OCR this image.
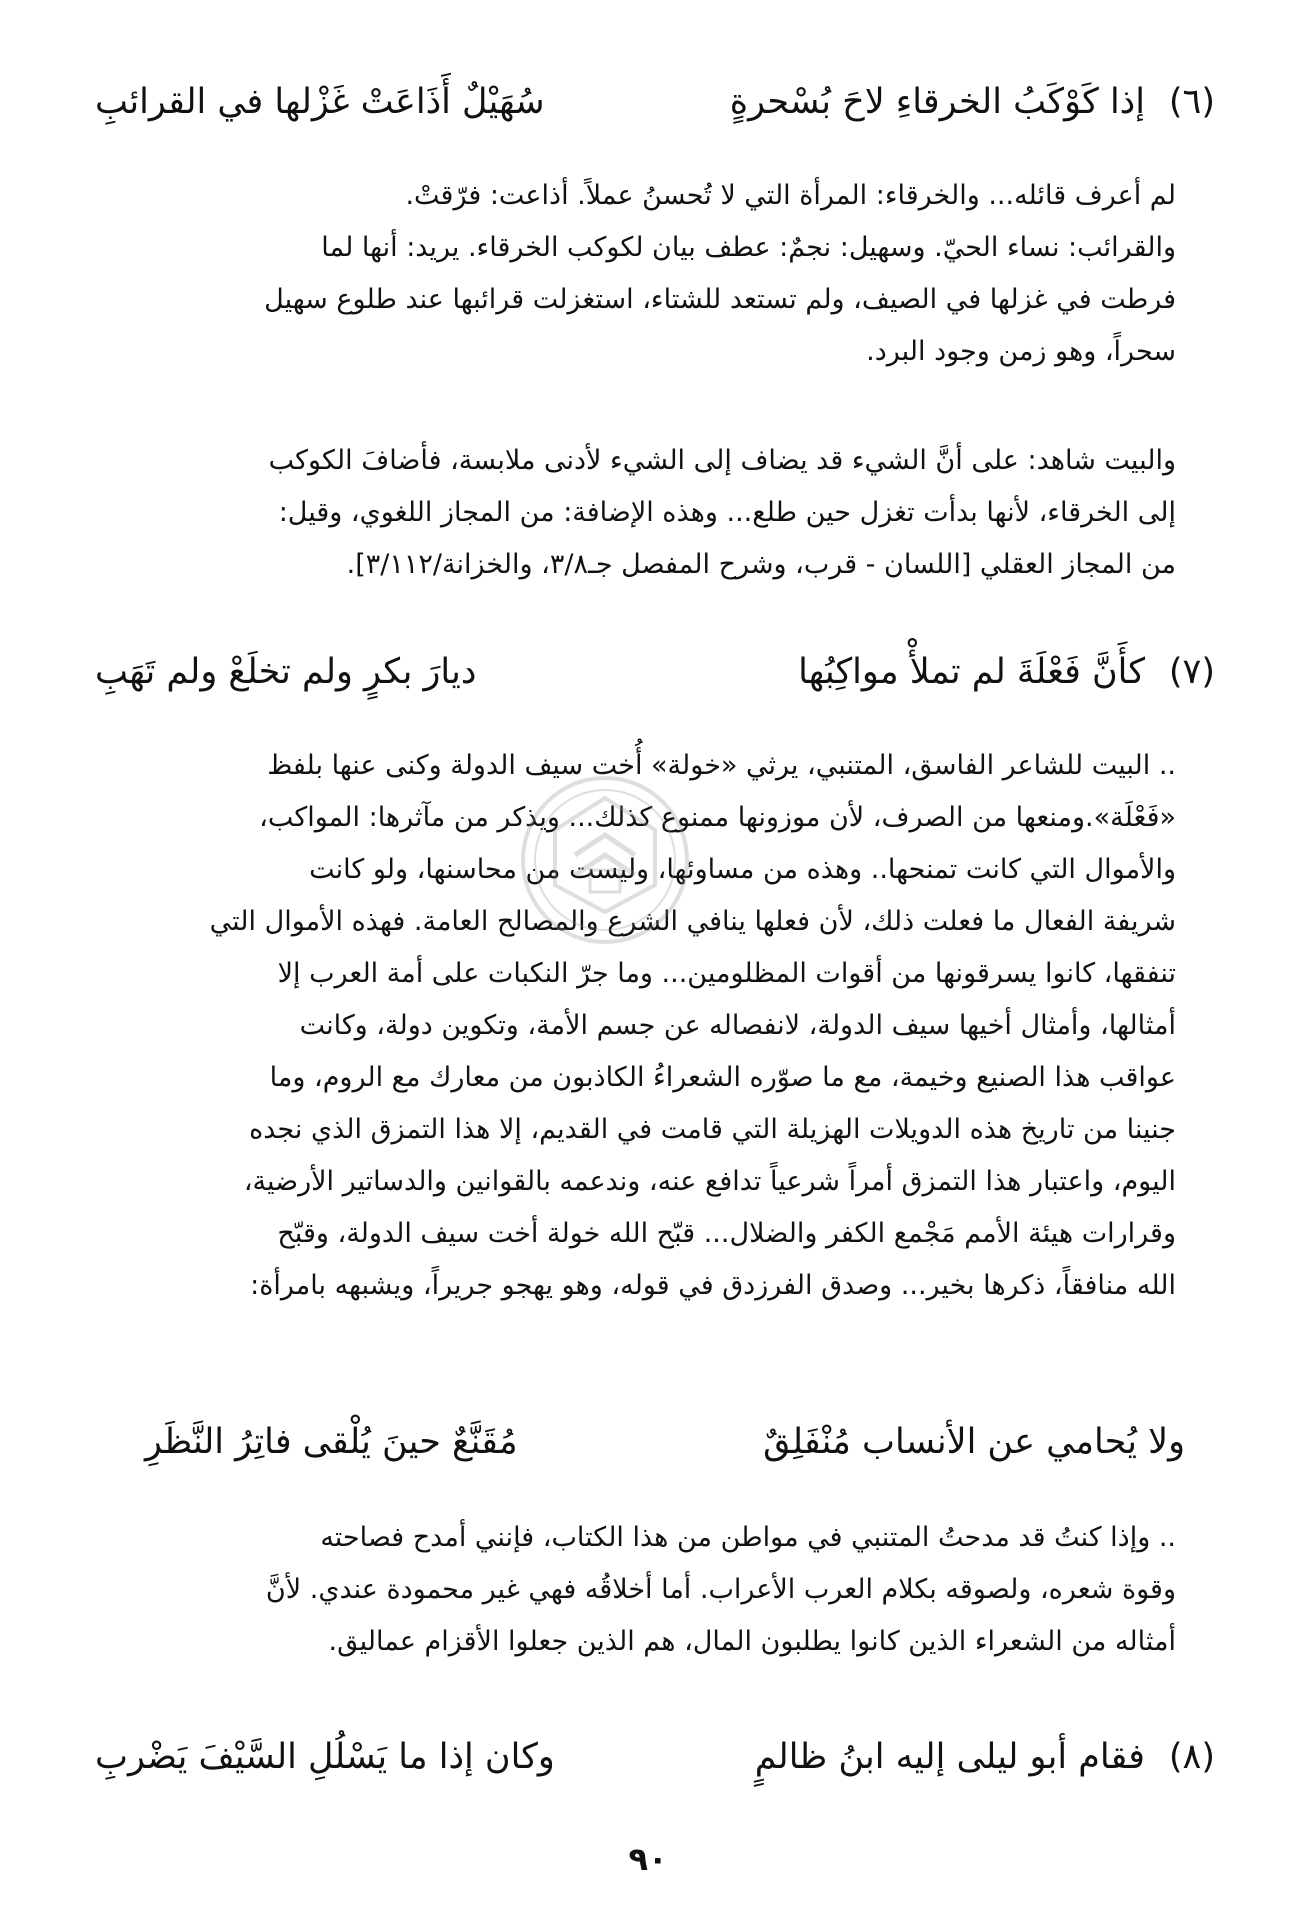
(٦)
إذا كَوْكَبُ الخرقاءِ لاحَ بُسْحرةٍ
سُهَيْلٌ أَذَاعَتْ غَزْلها في القرائبِ

لم أعرف قائله... والخرقاء: المرأة التي لا تُحسنُ عملاً. أذاعت: فرّقتْ.
والقرائب: نساء الحيّ. وسهيل: نجمٌ: عطف بيان لكوكب الخرقاء. يريد: أنها لما
فرطت في غزلها في الصيف، ولم تستعد للشتاء، استغزلت قرائبها عند طلوع سهيل
سحراً، وهو زمن وجود البرد.

والبيت شاهد: على أنَّ الشيء قد يضاف إلى الشيء لأدنى ملابسة، فأضافَ الكوكب
إلى الخرقاء، لأنها بدأت تغزل حين طلع... وهذه الإضافة: من المجاز اللغوي، وقيل:
من المجاز العقلي [اللسان - قرب، وشرح المفصل جـ٣/٨، والخزانة/٣/١١٢].

(٧)
كأَنَّ فَعْلَةَ لم تملأْ مواكِبُها
ديارَ بكرٍ ولم تخلَعْ ولم تَهَبِ

.. البيت للشاعر الفاسق، المتنبي، يرثي «خولة» أُخت سيف الدولة وكنى عنها بلفظ
«فَعْلَة».ومنعها من الصرف، لأن موزونها ممنوع كذلك... ويذكر من مآثرها: المواكب،
والأموال التي كانت تمنحها.. وهذه من مساوئها، وليست من محاسنها، ولو كانت
شريفة الفعال ما فعلت ذلك، لأن فعلها ينافي الشرع والمصالح العامة. فهذه الأموال التي
تنفقها، كانوا يسرقونها من أقوات المظلومين... وما جرّ النكبات على أمة العرب إلا
أمثالها، وأمثال أخيها سيف الدولة، لانفصاله عن جسم الأمة، وتكوين دولة، وكانت
عواقب هذا الصنيع وخيمة، مع ما صوّره الشعراءُ الكاذبون من معارك مع الروم، وما
جنينا من تاريخ هذه الدويلات الهزيلة التي قامت في القديم، إلا هذا التمزق الذي نجده
اليوم، واعتبار هذا التمزق أمراً شرعياً تدافع عنه، وندعمه بالقوانين والدساتير الأرضية،
وقرارات هيئة الأمم مَجْمع الكفر والضلال... قبّح الله خولة أخت سيف الدولة، وقبّح
الله منافقاً، ذكرها بخير... وصدق الفرزدق في قوله، وهو يهجو جريراً، ويشبهه بامرأة:

ولا يُحامي عن الأنساب مُنْفَلِقٌ
مُقَنَّعٌ حينَ يُلْقى فاتِرُ النَّظَرِ

.. وإذا كنتُ قد مدحتُ المتنبي في مواطن من هذا الكتاب، فإنني أمدح فصاحته
وقوة شعره، ولصوقه بكلام العرب الأعراب. أما أخلاقُه فهي غير محمودة عندي. لأنَّ
أمثاله من الشعراء الذين كانوا يطلبون المال، هم الذين جعلوا الأقزام عماليق.

(٨)
فقام أبو ليلى إليه ابنُ ظالمٍ
وكان إذا ما يَسْلُلِ السَّيْفَ يَضْربِ
٩٠
